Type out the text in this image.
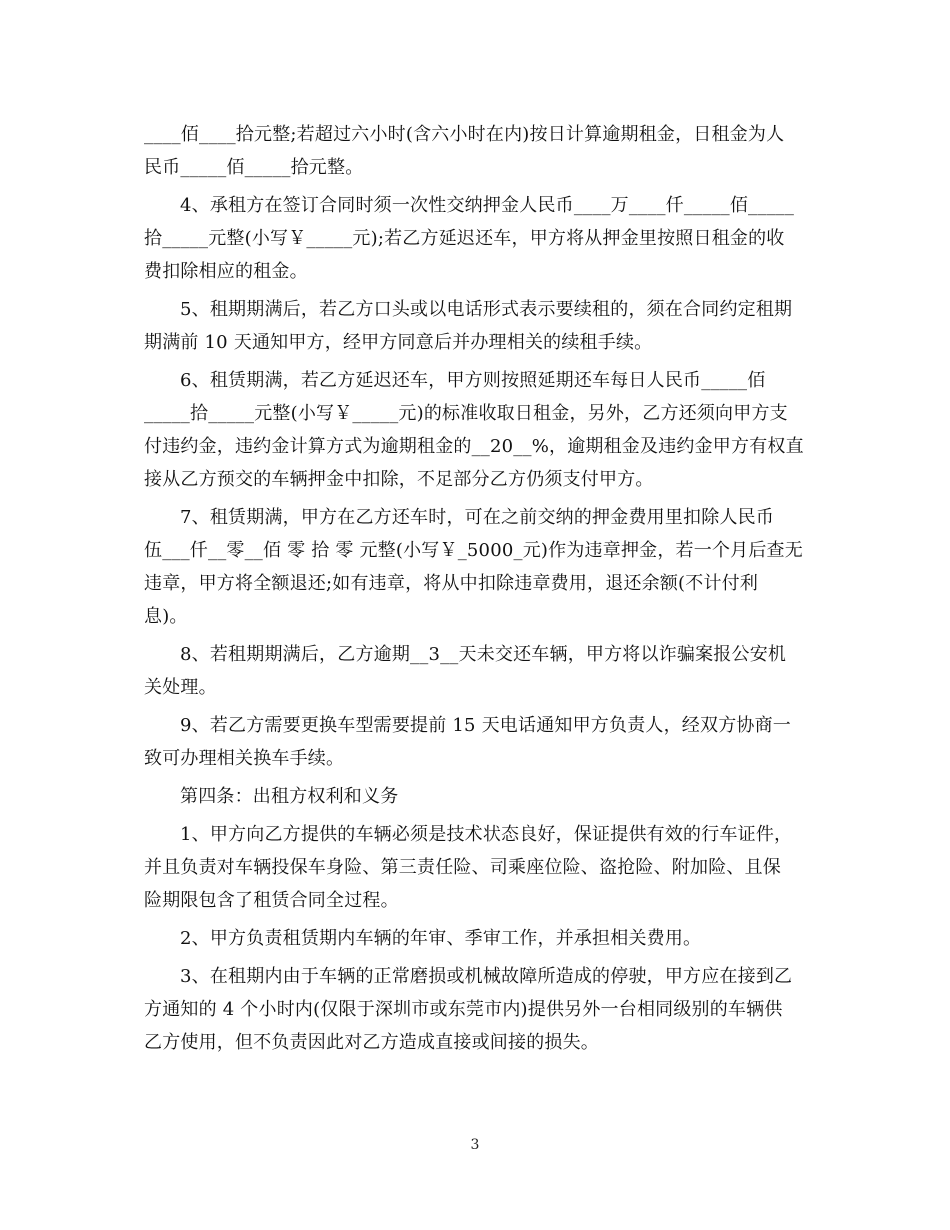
____佰____拾元整;若超过六小时(含六小时在内)按日计算逾期租金，日租金为人
民币_____佰_____拾元整。
4、承租方在签订合同时须一次性交纳押金人民币____万____仟_____佰_____
拾_____元整(小写￥_____元);若乙方延迟还车，甲方将从押金里按照日租金的收
费扣除相应的租金。
5、租期期满后，若乙方口头或以电话形式表示要续租的，须在合同约定租期
期满前 10 天通知甲方，经甲方同意后并办理相关的续租手续。
6、租赁期满，若乙方延迟还车，甲方则按照延期还车每日人民币_____佰
_____拾_____元整(小写￥_____元)的标准收取日租金，另外，乙方还须向甲方支
付违约金，违约金计算方式为逾期租金的__20__%，逾期租金及违约金甲方有权直
接从乙方预交的车辆押金中扣除，不足部分乙方仍须支付甲方。
7、租赁期满，甲方在乙方还车时，可在之前交纳的押金费用里扣除人民币
伍___仟__零__佰 零 拾 零 元整(小写￥_5000_元)作为违章押金，若一个月后查无
违章，甲方将全额退还;如有违章，将从中扣除违章费用，退还余额(不计付利
息)。
8、若租期期满后，乙方逾期__3__天未交还车辆，甲方将以诈骗案报公安机
关处理。
9、若乙方需要更换车型需要提前 15 天电话通知甲方负责人，经双方协商一
致可办理相关换车手续。
第四条：出租方权利和义务
1、甲方向乙方提供的车辆必须是技术状态良好，保证提供有效的行车证件，
并且负责对车辆投保车身险、第三责任险、司乘座位险、盗抢险、附加险、且保
险期限包含了租赁合同全过程。
2、甲方负责租赁期内车辆的年审、季审工作，并承担相关费用。
3、在租期内由于车辆的正常磨损或机械故障所造成的停驶，甲方应在接到乙
方通知的 4 个小时内(仅限于深圳市或东莞市内)提供另外一台相同级别的车辆供
乙方使用，但不负责因此对乙方造成直接或间接的损失。
3
